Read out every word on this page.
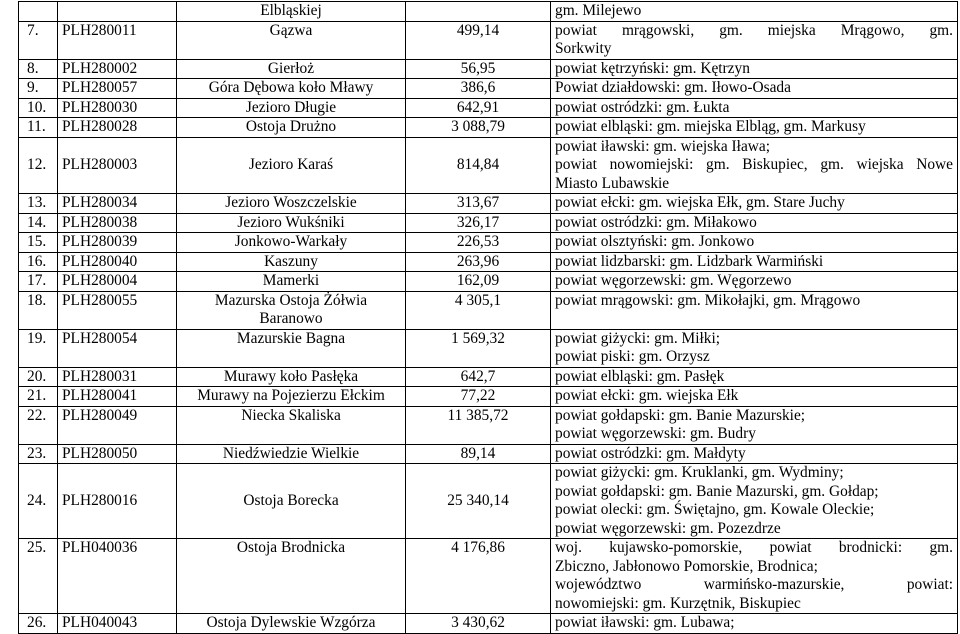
		Elbląskiej		gm. Milejewo

7.	PLH280011	Gązwa	499,14	powiat mrągowski, gm. miejska Mrągowo, gm.
Sorkwity

8.	PLH280002	Gierłoż	56,95	powiat kętrzyński: gm. Kętrzyn

9.	PLH280057	Góra Dębowa koło Mławy	386,6	Powiat działdowski: gm. Iłowo-Osada

10.	PLH280030	Jezioro Długie	642,91	powiat ostródzki: gm. Łukta

11.	PLH280028	Ostoja Drużno	3 088,79	powiat elbląski: gm. miejska Elbląg, gm. Markusy

12.	PLH280003	Jezioro Karaś	814,84	powiat iławski: gm. wiejska Iława;
powiat nowomiejski: gm. Biskupiec, gm. wiejska Nowe
Miasto Lubawskie

13.	PLH280034	Jezioro Woszczelskie	313,67	powiat ełcki: gm. wiejska Ełk, gm. Stare Juchy

14.	PLH280038	Jezioro Wukśniki	326,17	powiat ostródzki: gm. Miłakowo

15.	PLH280039	Jonkowo-Warkały	226,53	powiat olsztyński: gm. Jonkowo

16.	PLH280040	Kaszuny	263,96	powiat lidzbarski: gm. Lidzbark Warmiński

17.	PLH280004	Mamerki	162,09	powiat węgorzewski: gm. Węgorzewo

18.	PLH280055	Mazurska Ostoja Żółwia
Baranowo	4 305,1	powiat mrągowski: gm. Mikołajki, gm. Mrągowo

19.	PLH280054	Mazurskie Bagna	1 569,32	powiat giżycki: gm. Miłki;
powiat piski: gm. Orzysz

20.	PLH280031	Murawy koło Pasłęka	642,7	powiat elbląski: gm. Pasłęk

21.	PLH280041	Murawy na Pojezierzu Ełckim	77,22	powiat ełcki: gm. wiejska Ełk

22.	PLH280049	Niecka Skaliska	11 385,72	powiat gołdapski: gm. Banie Mazurskie;
powiat węgorzewski: gm. Budry

23.	PLH280050	Niedźwiedzie Wielkie	89,14	powiat ostródzki: gm. Małdyty

24.	PLH280016	Ostoja Borecka	25 340,14	powiat giżycki: gm. Kruklanki, gm. Wydminy;
powiat gołdapski: gm. Banie Mazurski, gm. Gołdap;
powiat olecki: gm. Świętajno, gm. Kowale Oleckie;
powiat węgorzewski: gm. Pozezdrze

25.	PLH040036	Ostoja Brodnicka	4 176,86	woj. kujawsko-pomorskie, powiat brodnicki: gm.
Zbiczno, Jabłonowo Pomorskie, Brodnica;
województwo warmińsko-mazurskie, powiat:
nowomiejski: gm. Kurzętnik, Biskupiec

26.	PLH040043	Ostoja Dylewskie Wzgórza	3 430,62	powiat iławski: gm. Lubawa;
